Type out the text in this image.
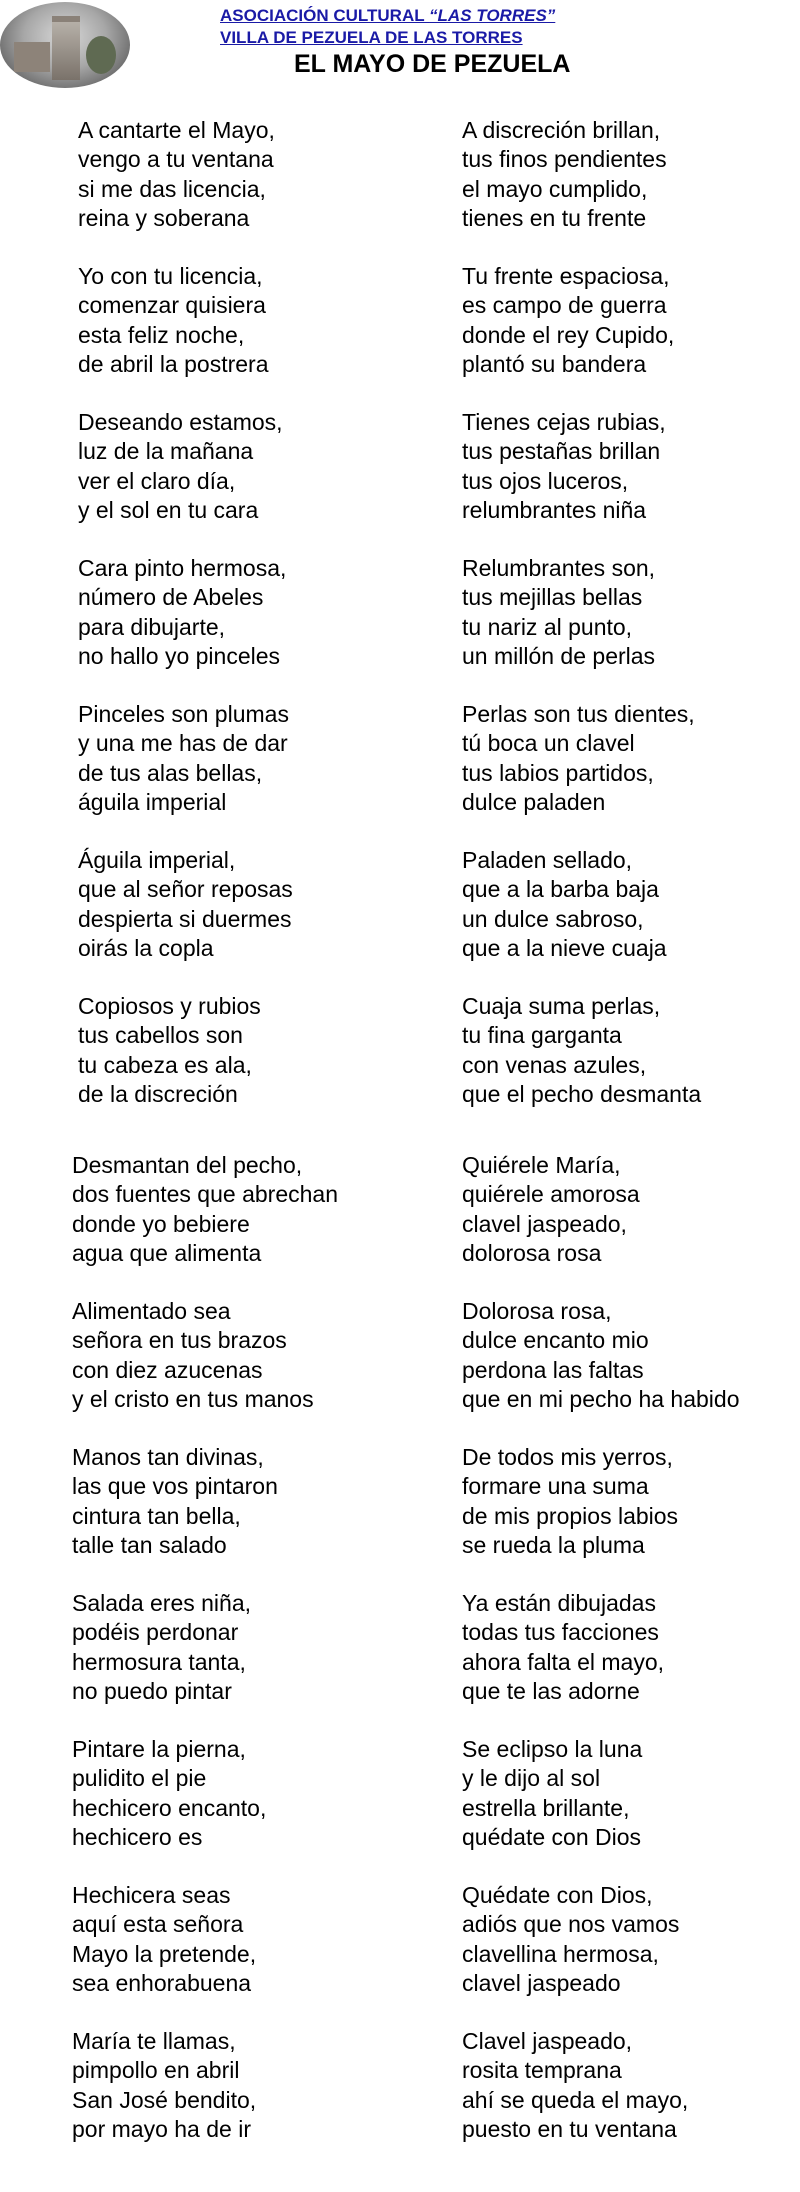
ASOCIACIÓN CULTURAL “LAS TORRES”
VILLA DE PEZUELA DE LAS TORRES
EL MAYO DE PEZUELA
A cantarte el Mayo,
vengo a tu ventana
si me das licencia,
reina y soberana
A discreción brillan,
tus finos pendientes
el mayo cumplido,
tienes en tu frente
Yo con tu licencia,
comenzar quisiera
esta feliz noche,
de abril la postrera
Tu frente espaciosa,
es campo de guerra
donde el rey Cupido,
plantó su bandera
Deseando estamos,
luz de la mañana
ver el claro día,
y el sol en tu cara
Tienes cejas rubias,
tus pestañas brillan
tus ojos luceros,
relumbrantes niña
Cara pinto hermosa,
número de Abeles
para dibujarte,
no hallo yo pinceles
Relumbrantes son,
tus mejillas bellas
tu nariz al punto,
un millón de perlas
Pinceles son plumas
y una me has de dar
de tus alas bellas,
águila imperial
Perlas son tus dientes,
tú boca un clavel
tus labios partidos,
dulce paladen
Águila imperial,
que al señor reposas
despierta si duermes
oirás la copla
Paladen sellado,
que a la barba baja
un dulce sabroso,
que a la nieve cuaja
Copiosos y rubios
tus cabellos son
tu cabeza es ala,
de la discreción
Cuaja suma perlas,
tu fina garganta
con venas azules,
que el pecho desmanta
Desmantan del pecho,
dos fuentes que abrechan
donde yo bebiere
agua que alimenta
Quiérele María,
quiérele amorosa
clavel jaspeado,
dolorosa rosa
Alimentado sea
señora en tus brazos
con diez azucenas
y el cristo en tus manos
Dolorosa rosa,
dulce encanto mio
perdona las faltas
que en mi pecho ha habido
Manos tan divinas,
las que vos pintaron
cintura tan bella,
talle tan salado
De todos mis yerros,
formare una suma
de mis propios labios
se rueda la pluma
Salada eres niña,
podéis perdonar
hermosura tanta,
no puedo pintar
Ya están dibujadas
todas tus facciones
ahora falta el mayo,
que te las adorne
Pintare la pierna,
pulidito el pie
hechicero encanto,
hechicero es
Se eclipso la luna
y le dijo al sol
estrella brillante,
quédate con Dios
Hechicera seas
aquí esta señora
Mayo la pretende,
sea enhorabuena
Quédate con Dios,
adiós que nos vamos
clavellina hermosa,
clavel jaspeado
María te llamas,
pimpollo en abril
San José bendito,
por mayo ha de ir
Clavel jaspeado,
rosita temprana
ahí se queda el mayo,
puesto en tu ventana
